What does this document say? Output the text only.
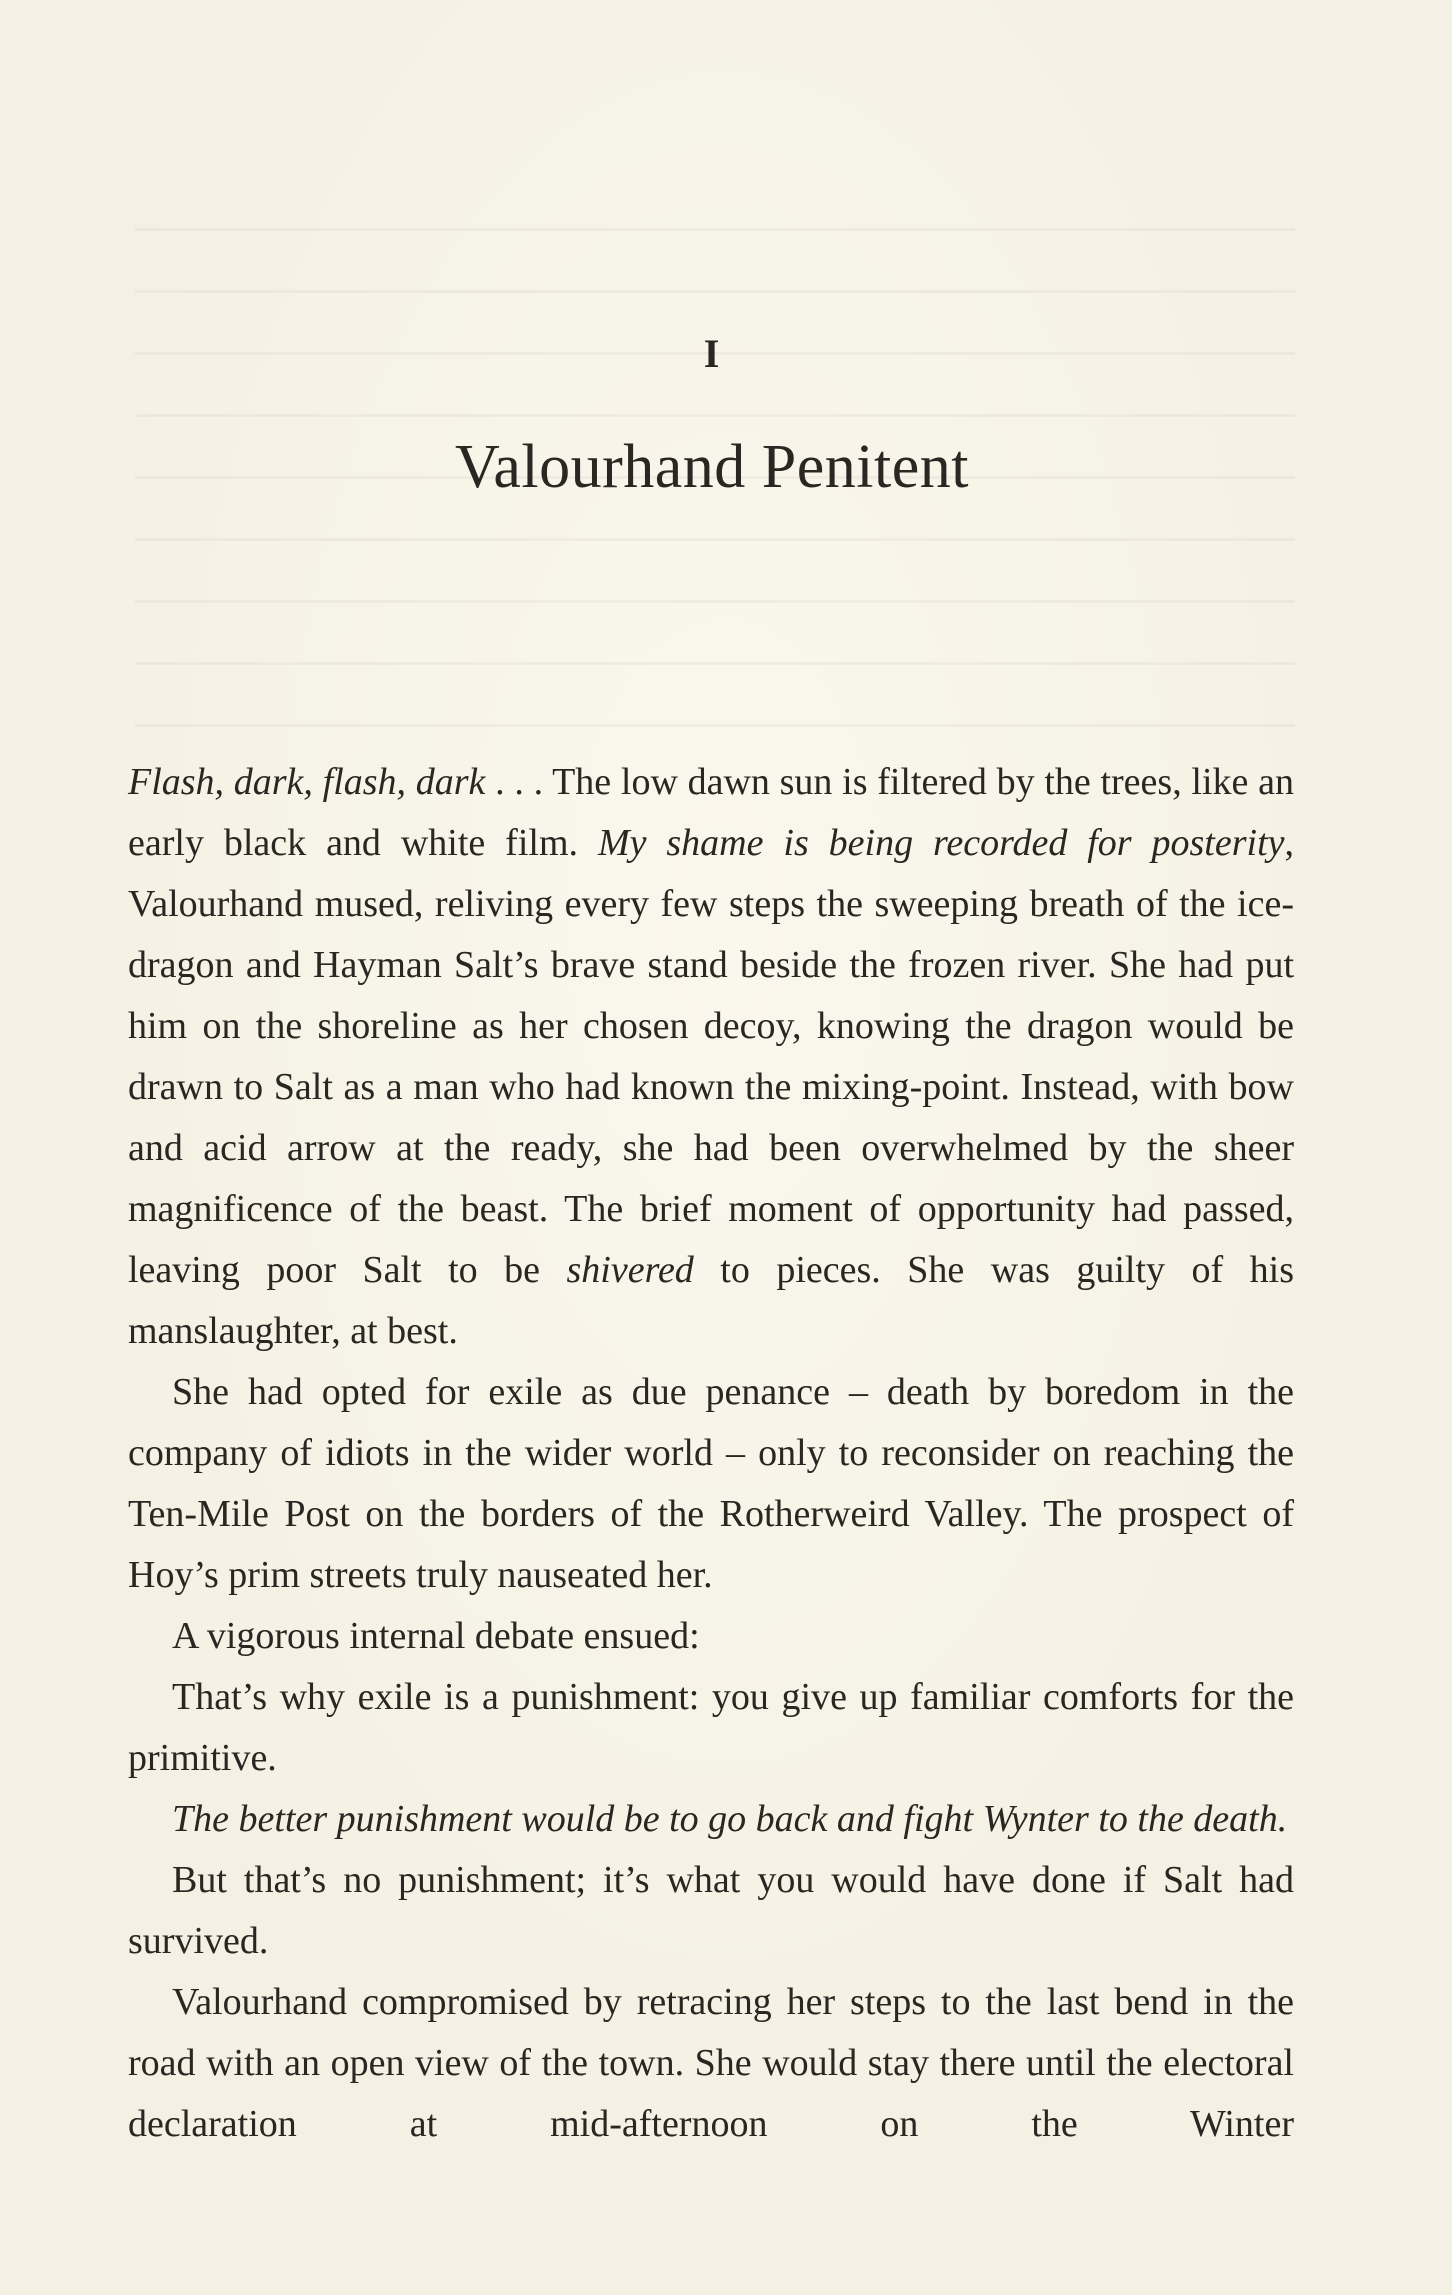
I
Valourhand Penitent

Flash, dark, flash, dark . . . The low dawn sun is filtered by the trees, like an early black and white film. My shame is being recorded for posterity, Valourhand mused, reliving every few steps the sweeping breath of the ice-dragon and Hayman Salt’s brave stand beside the frozen river. She had put him on the shoreline as her chosen decoy, knowing the dragon would be drawn to Salt as a man who had known the mixing-point. Instead, with bow and acid arrow at the ready, she had been overwhelmed by the sheer magnificence of the beast. The brief moment of opportunity had passed, leaving poor Salt to be shivered to pieces. She was guilty of his manslaughter, at best.

She had opted for exile as due penance – death by boredom in the company of idiots in the wider world – only to reconsider on reaching the Ten-Mile Post on the borders of the Rotherweird Valley. The prospect of Hoy’s prim streets truly nauseated her.

A vigorous internal debate ensued:

That’s why exile is a punishment: you give up familiar comforts for the primitive.

The better punishment would be to go back and fight Wynter to the death.

But that’s no punishment; it’s what you would have done if Salt had survived.

Valourhand compromised by retracing her steps to the last bend in the road with an open view of the town. She would stay there until the electoral declaration at mid-afternoon on the Winter
